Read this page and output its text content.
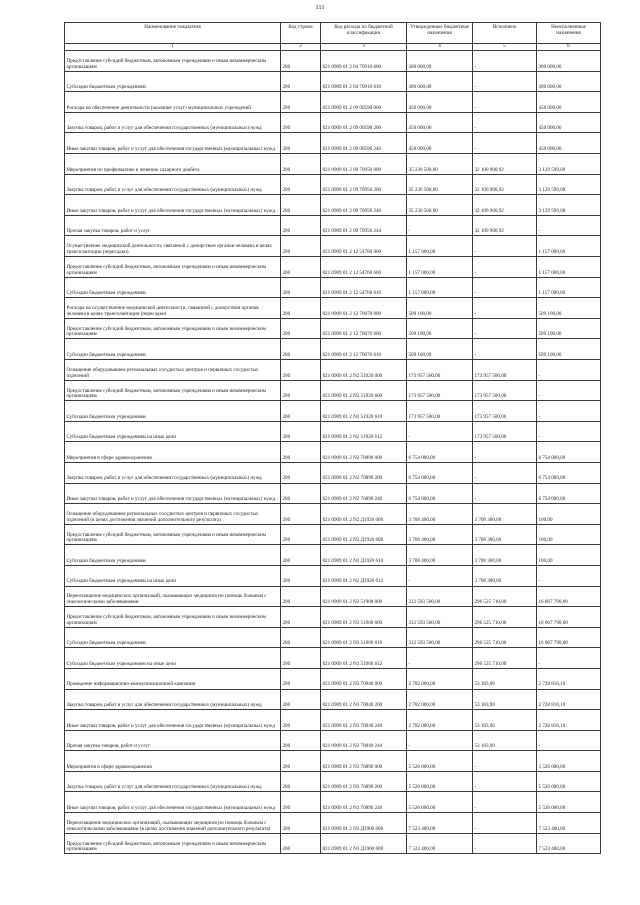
111
Наименование показателя	Код строки	Код расхода по бюджетной классификации	Утвержденные бюджетные назначения	Исполнено	Неисполненные назначения
1	2	3	4	5	6
Предоставление субсидий бюджетным, автономным учреждениям и иным некоммерческим организациям	200	821 0909 01 2 04 70910 600	300 000,00	-	300 000,00
Субсидии бюджетным учреждениям	200	821 0909 01 2 04 70910 610	300 000,00	-	300 000,00
Расходы на обеспечение деятельности (оказание услуг) муниципальных учреждений	200	821 0909 01 2 09 00590 000	450 000,00	-	450 000,00
Закупка товаров, работ и услуг для обеспечения государственных (муниципальных) нужд	200	821 0909 01 2 09 00590 200	450 000,00	-	450 000,00
Иные закупки товаров, работ и услуг для обеспечения государственных (муниципальных) нужд	200	821 0909 01 2 09 00590 240	450 000,00	-	450 000,00
Мероприятия по профилактике и лечению сахарного диабета	200	821 0909 01 2 09 70950 000	35 230 500,00	32 100 900,92	3 129 599,08
Закупка товаров, работ и услуг для обеспечения государственных (муниципальных) нужд	200	821 0909 01 2 09 70950 200	35 230 500,00	32 100 900,92	3 129 599,08
Иные закупки товаров, работ и услуг для обеспечения государственных (муниципальных) нужд	200	821 0909 01 2 09 70950 240	35 230 500,00	32 100 900,92	3 129 599,08
Прочая закупка товаров, работ и услуг	200	821 0909 01 2 09 70950 244	-	32 100 900,92	-
Осуществление медицинской деятельности, связанной с донорством органов человека в целях трансплантации (пересадки)	200	821 0909 01 2 12 54760 000	1 157 000,00	-	1 157 000,00
Предоставление субсидий бюджетным, автономным учреждениям и иным некоммерческим организациям	200	821 0909 01 2 12 54760 600	1 157 000,00	-	1 157 000,00
Субсидии бюджетным учреждениям	200	821 0909 01 2 12 54760 610	1 157 000,00	-	1 157 000,00
Расходы на осуществление медицинской деятельности, связанной с донорством органов человека в целях трансплантации (пересадки)	200	821 0909 01 2 12 70070 000	509 100,00	-	509 100,00
Предоставление субсидий бюджетным, автономным учреждениям и иным некоммерческим организациям	200	821 0909 01 2 12 70070 600	509 100,00	-	509 100,00
Субсидии бюджетным учреждениям	200	821 0909 01 2 12 70070 610	509 100,00	-	509 100,00
Оснащение оборудованием региональных сосудистых центров и первичных сосудистых отделений	200	821 0909 01 2 N2 51920 000	173 957 500,00	173 957 500,00	-
Предоставление субсидий бюджетным, автономным учреждениям и иным некоммерческим организациям	200	821 0909 01 2 N2 51920 600	173 957 500,00	173 957 500,00	-
Субсидии бюджетным учреждениям	200	821 0909 01 2 N2 51920 610	173 957 500,00	173 957 500,00	-
Субсидии бюджетным учреждениям на иные цели	200	821 0909 01 2 N2 51920 612	-	173 957 500,00	-
Мероприятия в сфере здравоохранения	200	821 0909 01 2 N2 70890 000	6 754 000,00	-	6 754 000,00
Закупка товаров, работ и услуг для обеспечения государственных (муниципальных) нужд	200	821 0909 01 2 N2 70890 200	6 754 000,00	-	6 754 000,00
Иные закупки товаров, работ и услуг для обеспечения государственных (муниципальных) нужд	200	821 0909 01 2 N2 70890 240	6 754 000,00	-	6 754 000,00
Оснащение оборудованием региональных сосудистых центров и первичных сосудистых отделений (в целях достижения значений дополнительного результата)	200	821 0909 01 2 N2 Д1920 000	3 708 400,00	3 708 300,00	100,00
Предоставление субсидий бюджетным, автономным учреждениям и иным некоммерческим организациям	200	821 0909 01 2 N2 Д1920 600	3 708 400,00	3 708 300,00	100,00
Субсидии бюджетным учреждениям	200	821 0909 01 2 N2 Д1920 610	3 708 400,00	3 708 300,00	100,00
Субсидии бюджетным учреждениям на иные цели	200	821 0909 01 2 N2 Д1920 612	-	3 708 300,00	-
Переоснащение медицинских организаций, оказывающих медицинскую помощь больным с онкологическими заболеваниями	200	821 0909 01 2 N3 51900 000	312 593 500,00	296 525 710,00	16 067 790,00
Предоставление субсидий бюджетным, автономным учреждениям и иным некоммерческим организациям	200	821 0909 01 2 N3 51900 600	312 593 500,00	296 525 710,00	16 067 790,00
Субсидии бюджетным учреждениям	200	821 0909 01 2 N3 51900 610	312 593 500,00	296 525 710,00	16 067 790,00
Субсидии бюджетным учреждениям на иные цели	200	821 0909 01 2 N3 51900 612	-	296 525 710,00	-
Проведение информационно-коммуникационной кампании	200	821 0909 01 2 N3 70040 000	2 782 000,00	53 183,90	2 728 816,10
Закупка товаров, работ и услуг для обеспечения государственных (муниципальных) нужд	200	821 0909 01 2 N3 70040 200	2 782 000,00	53 183,90	2 728 816,10
Иные закупки товаров, работ и услуг для обеспечения государственных (муниципальных) нужд	200	821 0909 01 2 N3 70040 240	2 782 000,00	53 183,90	2 728 816,10
Прочая закупка товаров, работ и услуг	200	821 0909 01 2 N3 70040 244	-	53 183,90	-
Мероприятия в сфере здравоохранения	200	821 0909 01 2 N3 70890 000	5 526 000,00	-	5 526 000,00
Закупка товаров, работ и услуг для обеспечения государственных (муниципальных) нужд	200	821 0909 01 2 N3 70890 200	5 526 000,00	-	5 526 000,00
Иные закупки товаров, работ и услуг для обеспечения государственных (муниципальных) нужд	200	821 0909 01 2 N3 70890 240	5 526 000,00	-	5 526 000,00
Переоснащение медицинских организаций, оказывающих медицинскую помощь больным с онкологическими заболеваниями (в целях достижения значений дополнительного результата)	200	821 0909 01 2 N3 Д1900 000	7 523 400,00	-	7 523 400,00
Предоставление субсидий бюджетным, автономным учреждениям и иным некоммерческим организациям	200	821 0909 01 2 N3 Д1900 600	7 523 400,00	-	7 523 400,00
